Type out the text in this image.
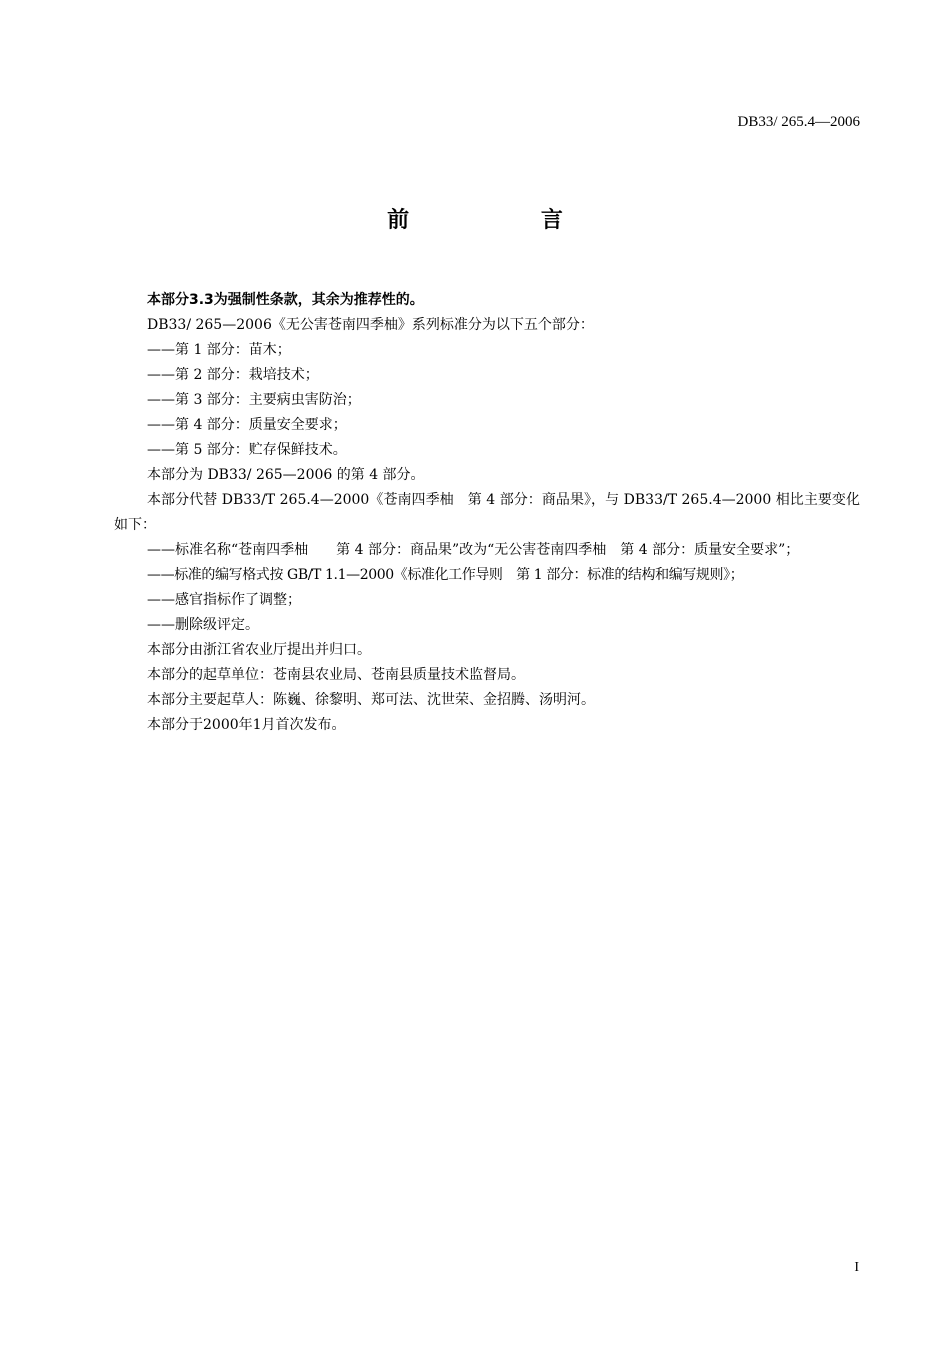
DB33/ 265.4—2006
前 言

本部分3.3为强制性条款，其余为推荐性的。

DB33/ 265—2006《无公害苍南四季柚》系列标准分为以下五个部分：

——第 1 部分：苗木；

——第 2 部分：栽培技术；

——第 3 部分：主要病虫害防治；

——第 4 部分：质量安全要求；

——第 5 部分：贮存保鲜技术。

本部分为 DB33/ 265—2006 的第 4 部分。

本部分代替 DB33/T 265.4—2000《苍南四季柚　第 4 部分：商品果》，与 DB33/T 265.4—2000 相比主要变化如下：

——标准名称“苍南四季柚　　第 4 部分：商品果”改为“无公害苍南四季柚　第 4 部分：质量安全要求”；

——标准的编写格式按 GB/T 1.1—2000《标准化工作导则　第 1 部分：标准的结构和编写规则》；

——感官指标作了调整；

——删除级评定。

本部分由浙江省农业厅提出并归口。

本部分的起草单位：苍南县农业局、苍南县质量技术监督局。

本部分主要起草人：陈巍、徐黎明、郑可法、沈世荣、金招腾、汤明河。

本部分于2000年1月首次发布。

I
